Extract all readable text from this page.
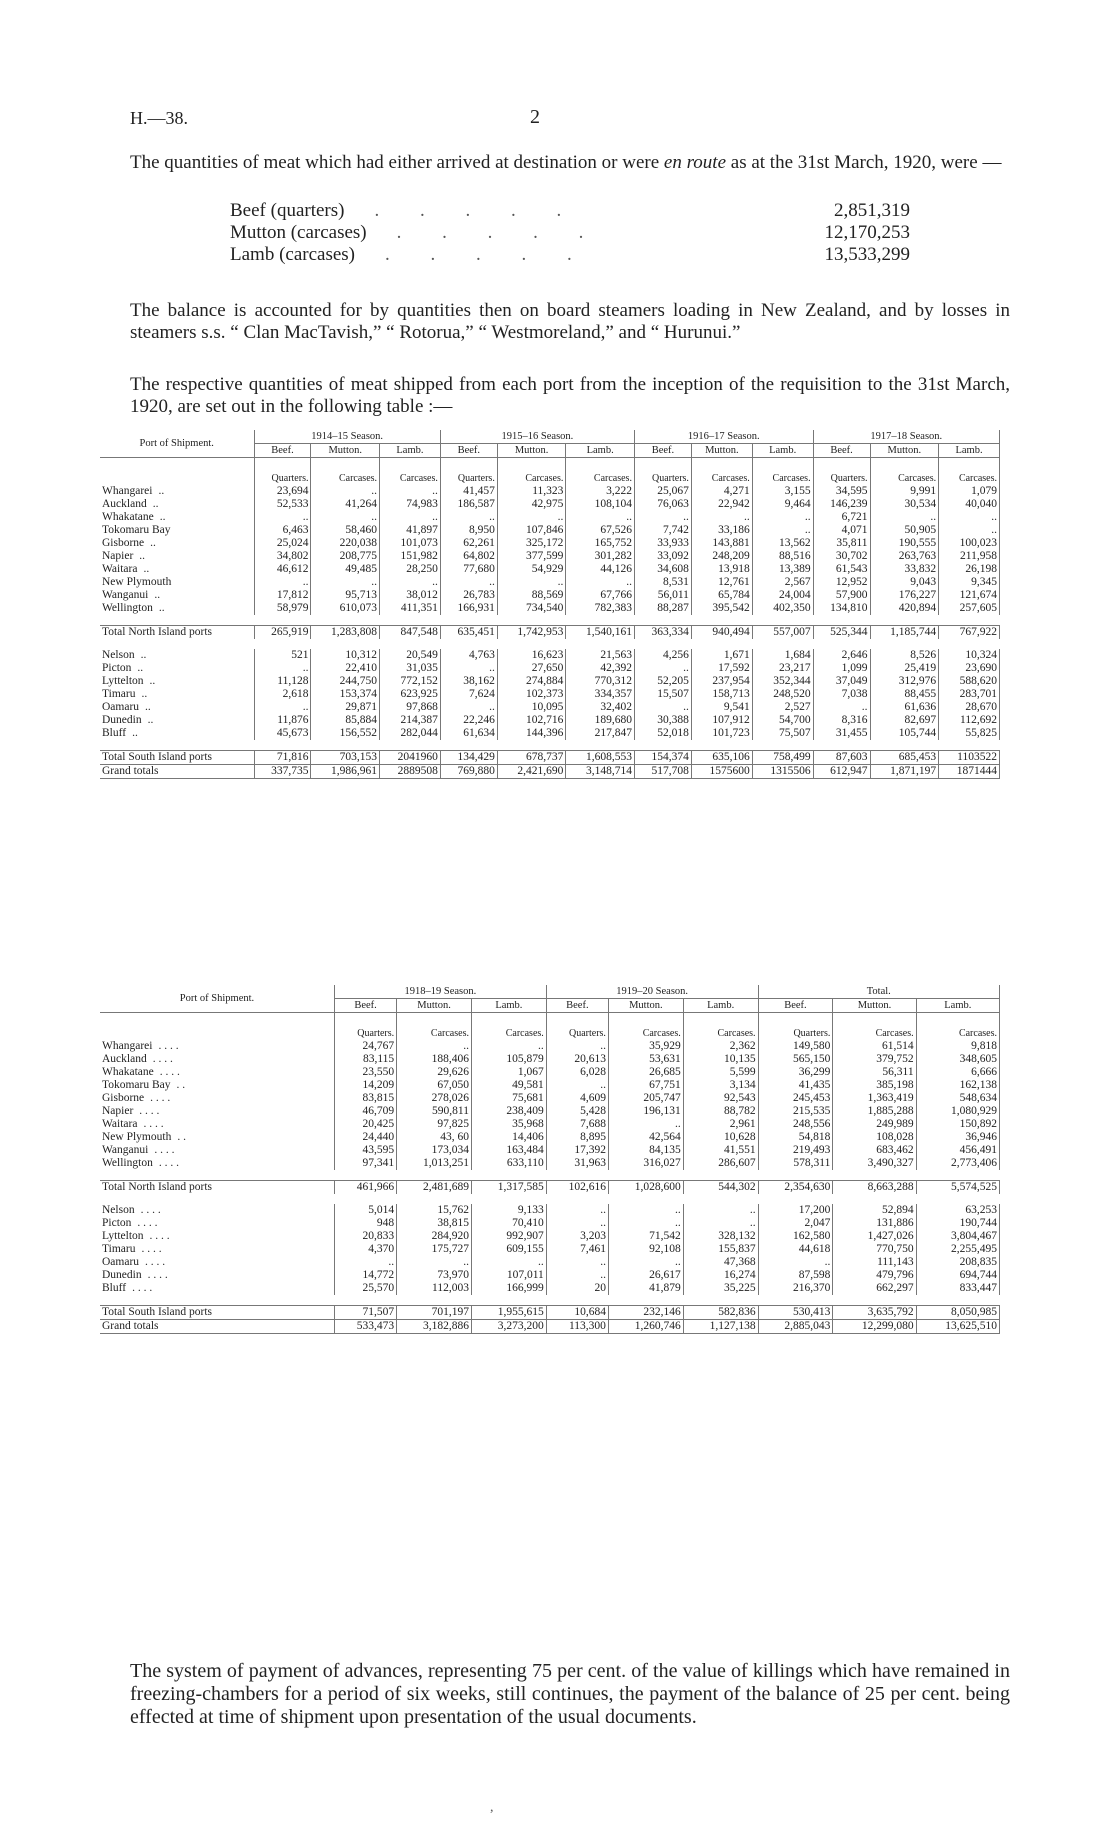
H.—38.	2
The quantities of meat which had either arrived at destination or were en route as at the 31st March, 1920, were —
Beef (quarters)	. . . . .	2,851,319
Mutton (carcases)	. . . . .	12,170,253
Lamb (carcases)	. . . . .	13,533,299
The balance is accounted for by quantities then on board steamers loading in New Zealand, and by losses in steamers s.s. “ Clan MacTavish,” “ Rotorua,” “ Westmoreland,” and “ Hurunui.”
The respective quantities of meat shipped from each port from the inception of the requisition to the 31st March, 1920, are set out in the following table :—
Port of Shipment.	1914–15 Season.			1915–16 Season.			1916–17 Season.			1917–18 Season.		
	Beef.	Mutton.	Lamb.	Beef.	Mutton.	Lamb.	Beef.	Mutton.	Lamb.	Beef.	Mutton.	Lamb.
	Quarters.	Carcases.	Carcases.	Quarters.	Carcases.	Carcases.	Quarters.	Carcases.	Carcases.	Quarters.	Carcases.	Carcases.
Whangarei ..	23,694	..	..	41,457	11,323	3,222	25,067	4,271	3,155	34,595	9,991	1,079
Auckland ..	52,533	41,264	74,983	186,587	42,975	108,104	76,063	22,942	9,464	146,239	30,534	40,040
Whakatane ..	..	..	..	..	..	..	..	..	..	6,721	..	..
Tokomaru Bay	6,463	58,460	41,897	8,950	107,846	67,526	7,742	33,186	..	4,071	50,905	..
Gisborne ..	25,024	220,038	101,073	62,261	325,172	165,752	33,933	143,881	13,562	35,811	190,555	100,023
Napier ..	34,802	208,775	151,982	64,802	377,599	301,282	33,092	248,209	88,516	30,702	263,763	211,958
Waitara ..	46,612	49,485	28,250	77,680	54,929	44,126	34,608	13,918	13,389	61,543	33,832	26,198
New Plymouth	..	..	..	..	..	..	8,531	12,761	2,567	12,952	9,043	9,345
Wanganui ..	17,812	95,713	38,012	26,783	88,569	67,766	56,011	65,784	24,004	57,900	176,227	121,674
Wellington ..	58,979	610,073	411,351	166,931	734,540	782,383	88,287	395,542	402,350	134,810	420,894	257,605

Total North Island ports	265,919	1,283,808	847,548	635,451	1,742,953	1,540,161	363,334	940,494	557,007	525,344	1,185,744	767,922

Nelson ..	521	10,312	20,549	4,763	16,623	21,563	4,256	1,671	1,684	2,646	8,526	10,324
Picton ..	..	22,410	31,035	..	27,650	42,392	..	17,592	23,217	1,099	25,419	23,690
Lyttelton ..	11,128	244,750	772,152	38,162	274,884	770,312	52,205	237,954	352,344	37,049	312,976	588,620
Timaru ..	2,618	153,374	623,925	7,624	102,373	334,357	15,507	158,713	248,520	7,038	88,455	283,701
Oamaru ..	..	29,871	97,868	..	10,095	32,402	..	9,541	2,527	..	61,636	28,670
Dunedin ..	11,876	85,884	214,387	22,246	102,716	189,680	30,388	107,912	54,700	8,316	82,697	112,692
Bluff ..	45,673	156,552	282,044	61,634	144,396	217,847	52,018	101,723	75,507	31,455	105,744	55,825

Total South Island ports	71,816	703,153	2041960	134,429	678,737	1,608,553	154,374	635,106	758,499	87,603	685,453	1103522
Grand totals	337,735	1,986,961	2889508	769,880	2,421,690	3,148,714	517,708	1575600	1315506	612,947	1,871,197	1871444
Port of Shipment.	1918–19 Season.			1919–20 Season.			Total.		
	Beef.	Mutton.	Lamb.	Beef.	Mutton.	Lamb.	Beef.	Mutton.	Lamb.
	Quarters.	Carcases.	Carcases.	Quarters.	Carcases.	Carcases.	Quarters.	Carcases.	Carcases.
Whangarei . . . .	24,767	..	..	..	35,929	2,362	149,580	61,514	9,818
Auckland . . . .	83,115	188,406	105,879	20,613	53,631	10,135	565,150	379,752	348,605
Whakatane . . . .	23,550	29,626	1,067	6,028	26,685	5,599	36,299	56,311	6,666
Tokomaru Bay . .	14,209	67,050	49,581	..	67,751	3,134	41,435	385,198	162,138
Gisborne . . . .	83,815	278,026	75,681	4,609	205,747	92,543	245,453	1,363,419	548,634
Napier . . . .	46,709	590,811	238,409	5,428	196,131	88,782	215,535	1,885,288	1,080,929
Waitara . . . .	20,425	97,825	35,968	7,688	..	2,961	248,556	249,989	150,892
New Plymouth . .	24,440	43, 60	14,406	8,895	42,564	10,628	54,818	108,028	36,946
Wanganui . . . .	43,595	173,034	163,484	17,392	84,135	41,551	219,493	683,462	456,491
Wellington . . . .	97,341	1,013,251	633,110	31,963	316,027	286,607	578,311	3,490,327	2,773,406

Total North Island ports	461,966	2,481,689	1,317,585	102,616	1,028,600	544,302	2,354,630	8,663,288	5,574,525

Nelson . . . .	5,014	15,762	9,133	..	..	..	17,200	52,894	63,253
Picton . . . .	948	38,815	70,410	..	..	..	2,047	131,886	190,744
Lyttelton . . . .	20,833	284,920	992,907	3,203	71,542	328,132	162,580	1,427,026	3,804,467
Timaru . . . .	4,370	175,727	609,155	7,461	92,108	155,837	44,618	770,750	2,255,495
Oamaru . . . .	..	..	..	..	..	47,368	..	111,143	208,835
Dunedin . . . .	14,772	73,970	107,011	..	26,617	16,274	87,598	479,796	694,744
Bluff . . . .	25,570	112,003	166,999	20	41,879	35,225	216,370	662,297	833,447

Total South Island ports	71,507	701,197	1,955,615	10,684	232,146	582,836	530,413	3,635,792	8,050,985
Grand totals	533,473	3,182,886	3,273,200	113,300	1,260,746	1,127,138	2,885,043	12,299,080	13,625,510
The system of payment of advances, representing 75 per cent. of the value of killings which have remained in freezing-chambers for a period of six weeks, still continues, the payment of the balance of 25 per cent. being effected at time of shipment upon presentation of the usual documents.
,
